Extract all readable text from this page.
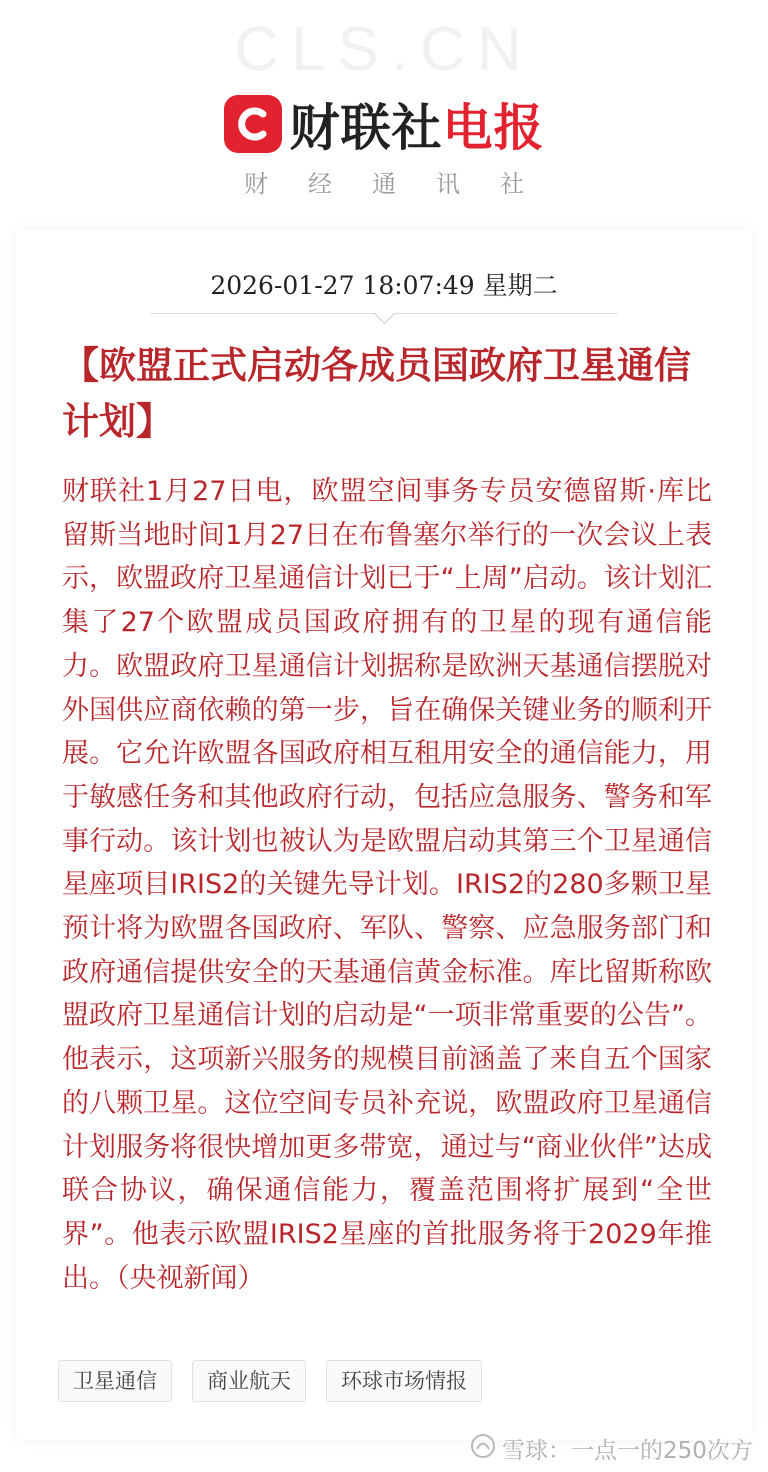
CLS.CN
财联社电报
财经通讯社
2026-01-27 18:07:49 星期二
【欧盟正式启动各成员国政府卫星通信计划】

财联社1月27日电，欧盟空间事务专员安德留斯·库比留斯当地时间1月27日在布鲁塞尔举行的一次会议上表示，欧盟政府卫星通信计划已于“上周”启动。该计划汇集了27个欧盟成员国政府拥有的卫星的现有通信能力。欧盟政府卫星通信计划据称是欧洲天基通信摆脱对外国供应商依赖的第一步，旨在确保关键业务的顺利开展。它允许欧盟各国政府相互租用安全的通信能力，用于敏感任务和其他政府行动，包括应急服务、警务和军事行动。该计划也被认为是欧盟启动其第三个卫星通信星座项目IRIS2的关键先导计划。IRIS2的280多颗卫星预计将为欧盟各国政府、军队、警察、应急服务部门和政府通信提供安全的天基通信黄金标准。库比留斯称欧盟政府卫星通信计划的启动是“一项非常重要的公告”。他表示，这项新兴服务的规模目前涵盖了来自五个国家的八颗卫星。这位空间专员补充说，欧盟政府卫星通信计划服务将很快增加更多带宽，通过与“商业伙伴”达成联合协议，确保通信能力，覆盖范围将扩展到“全世界”。他表示欧盟IRIS2星座的首批服务将于2029年推出。（央视新闻）

卫星通信	商业航天	环球市场情报
雪球 ： 一点一的250次方
